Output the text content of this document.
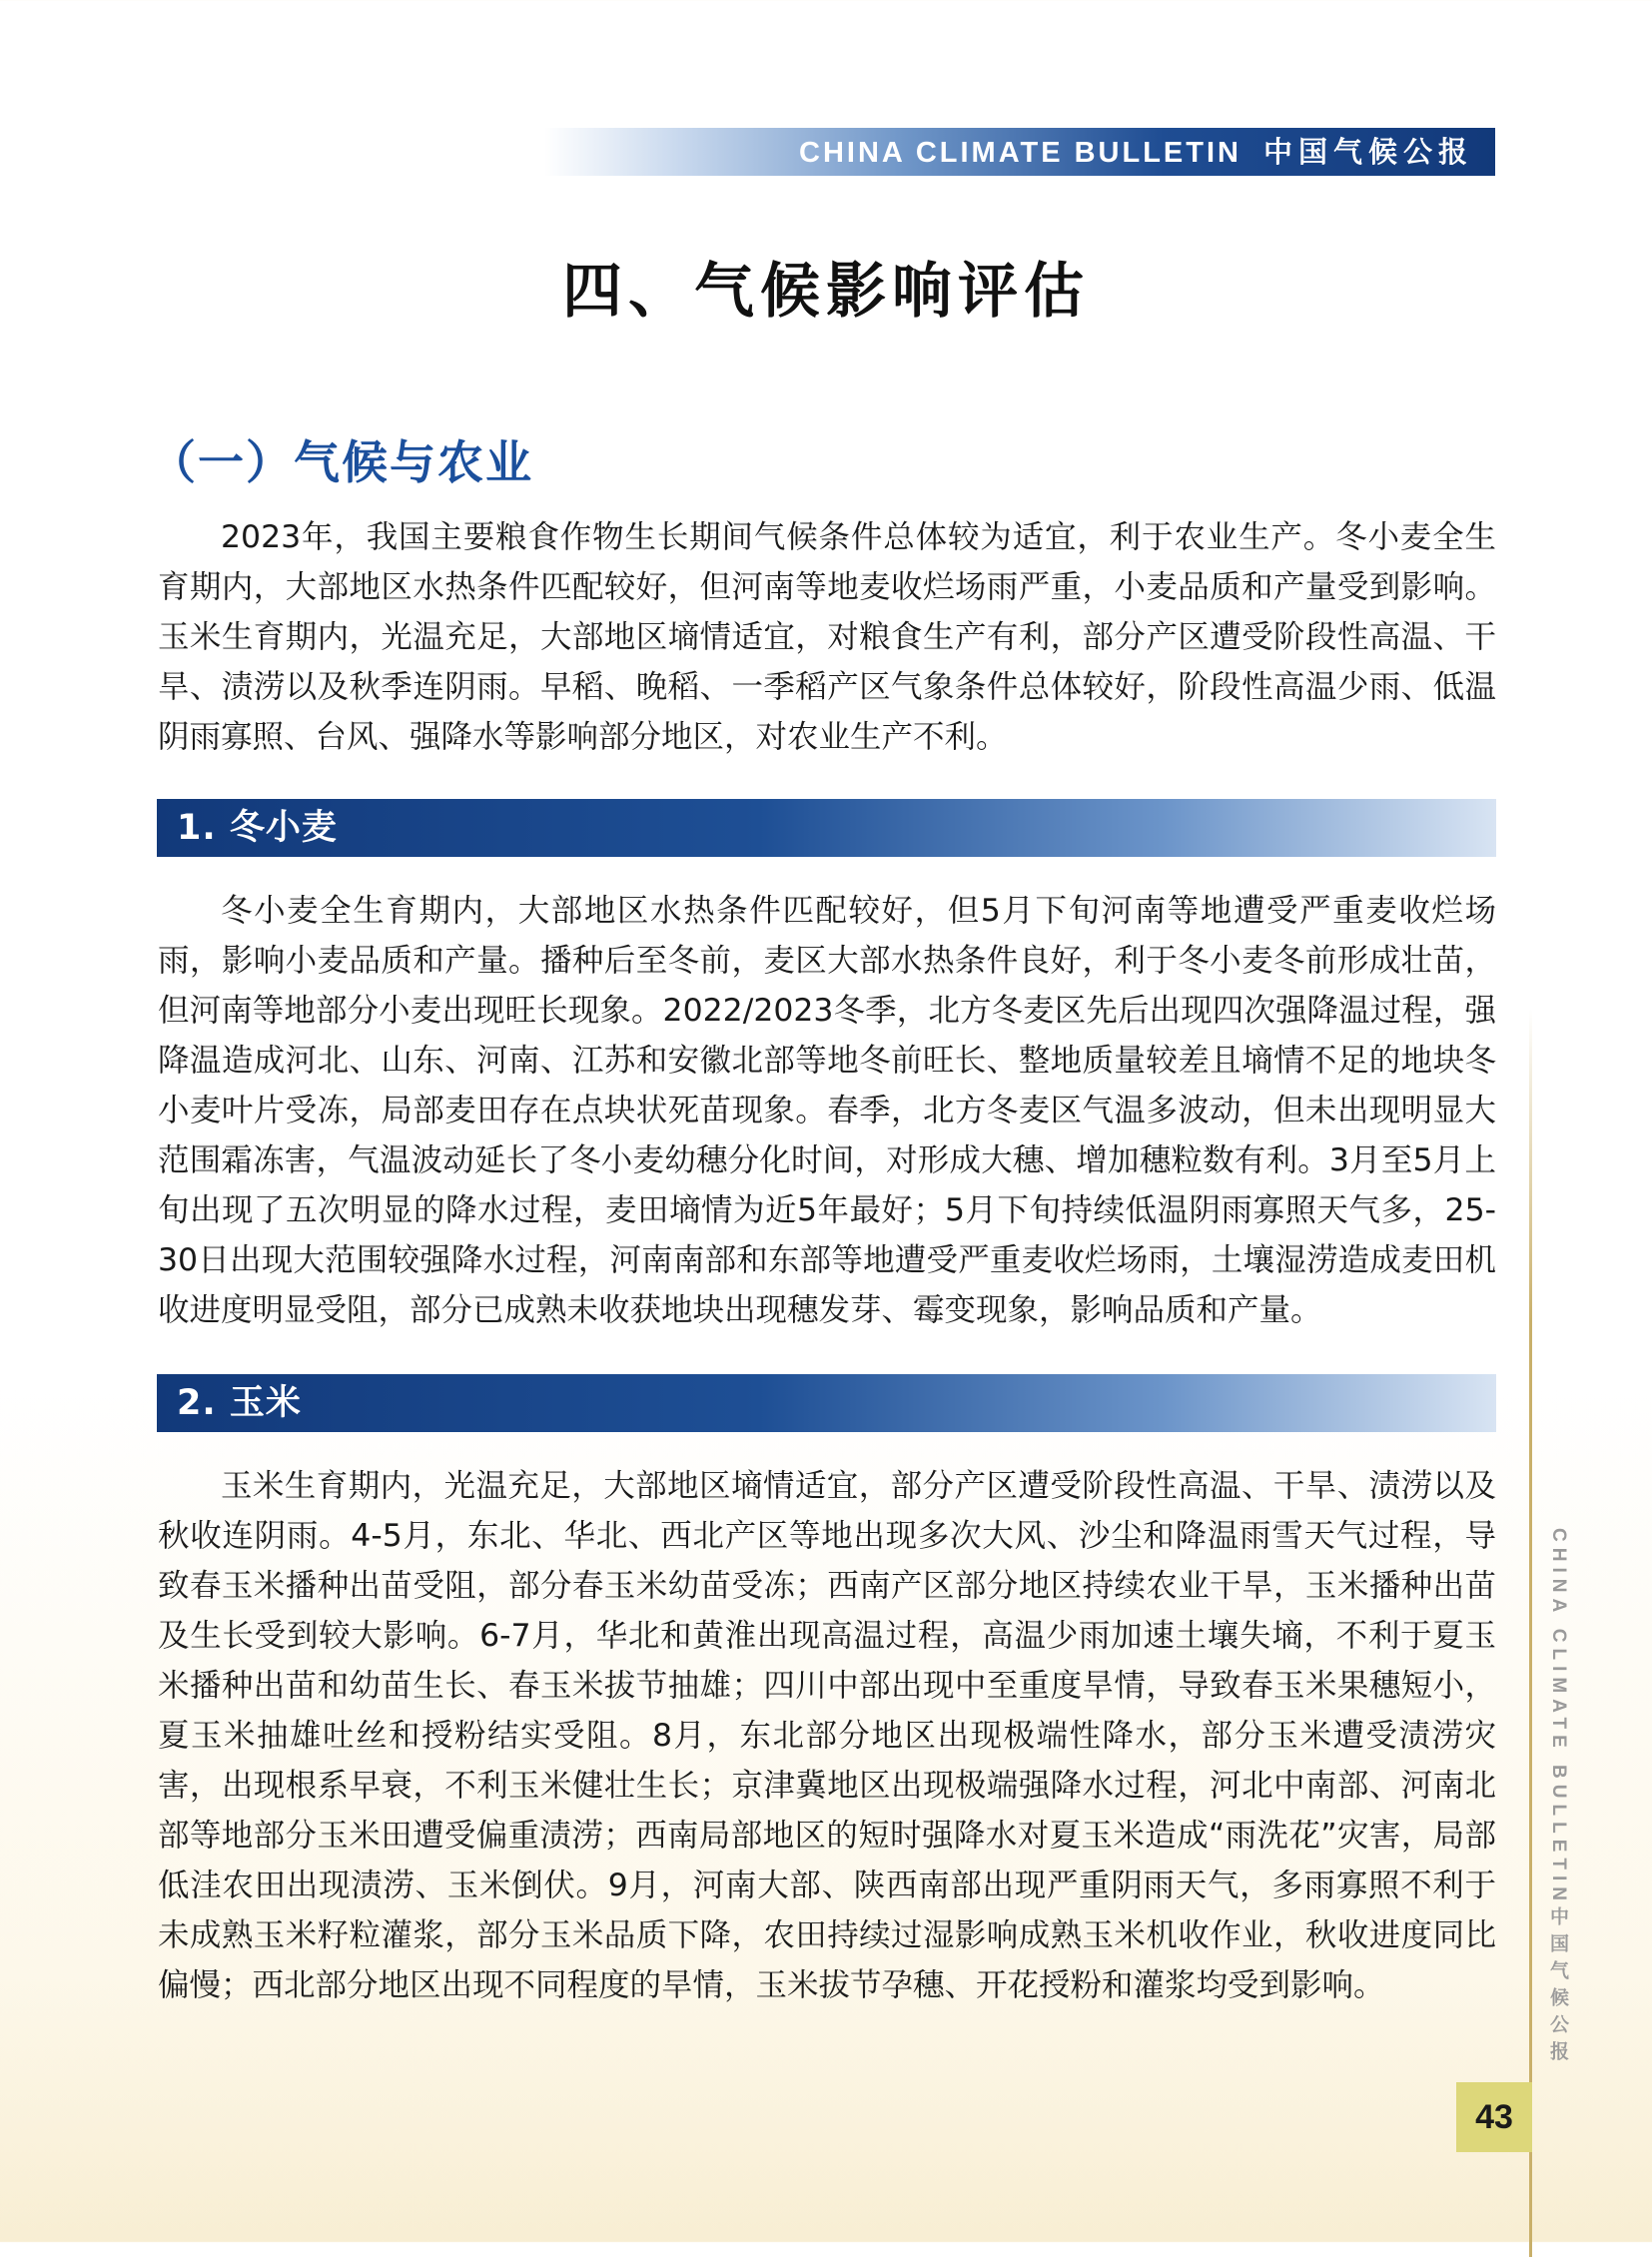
CHINA CLIMATE BULLETIN 中国气候公报
四、气候影响评估
（一）气候与农业

2023年，我国主要粮食作物生长期间气候条件总体较为适宜，利于农业生产。冬小麦全生育期内，大部地区水热条件匹配较好，但河南等地麦收烂场雨严重，小麦品质和产量受到影响。玉米生育期内，光温充足，大部地区墒情适宜，对粮食生产有利，部分产区遭受阶段性高温、干旱、渍涝以及秋季连阴雨。早稻、晚稻、一季稻产区气象条件总体较好，阶段性高温少雨、低温阴雨寡照、台风、强降水等影响部分地区，对农业生产不利。

1. 冬小麦

冬小麦全生育期内，大部地区水热条件匹配较好，但5月下旬河南等地遭受严重麦收烂场雨，影响小麦品质和产量。播种后至冬前，麦区大部水热条件良好，利于冬小麦冬前形成壮苗，但河南等地部分小麦出现旺长现象。2022/2023冬季，北方冬麦区先后出现四次强降温过程，强降温造成河北、山东、河南、江苏和安徽北部等地冬前旺长、整地质量较差且墒情不足的地块冬小麦叶片受冻，局部麦田存在点块状死苗现象。春季，北方冬麦区气温多波动，但未出现明显大范围霜冻害，气温波动延长了冬小麦幼穗分化时间，对形成大穗、增加穗粒数有利。3月至5月上旬出现了五次明显的降水过程，麦田墒情为近5年最好；5月下旬持续低温阴雨寡照天气多，25-30日出现大范围较强降水过程，河南南部和东部等地遭受严重麦收烂场雨，土壤湿涝造成麦田机收进度明显受阻，部分已成熟未收获地块出现穗发芽、霉变现象，影响品质和产量。

2. 玉米

玉米生育期内，光温充足，大部地区墒情适宜，部分产区遭受阶段性高温、干旱、渍涝以及秋收连阴雨。4-5月，东北、华北、西北产区等地出现多次大风、沙尘和降温雨雪天气过程，导致春玉米播种出苗受阻，部分春玉米幼苗受冻；西南产区部分地区持续农业干旱，玉米播种出苗及生长受到较大影响。6-7月，华北和黄淮出现高温过程，高温少雨加速土壤失墒，不利于夏玉米播种出苗和幼苗生长、春玉米拔节抽雄；四川中部出现中至重度旱情，导致春玉米果穗短小，夏玉米抽雄吐丝和授粉结实受阻。8月，东北部分地区出现极端性降水，部分玉米遭受渍涝灾害，出现根系早衰，不利玉米健壮生长；京津冀地区出现极端强降水过程，河北中南部、河南北部等地部分玉米田遭受偏重渍涝；西南局部地区的短时强降水对夏玉米造成“雨洗花”灾害，局部低洼农田出现渍涝、玉米倒伏。9月，河南大部、陕西南部出现严重阴雨天气，多雨寡照不利于未成熟玉米籽粒灌浆，部分玉米品质下降，农田持续过湿影响成熟玉米机收作业，秋收进度同比偏慢；西北部分地区出现不同程度的旱情，玉米拔节孕穗、开花授粉和灌浆均受到影响。

CHINA CLIMATE BULLETIN中国气候公报
43
